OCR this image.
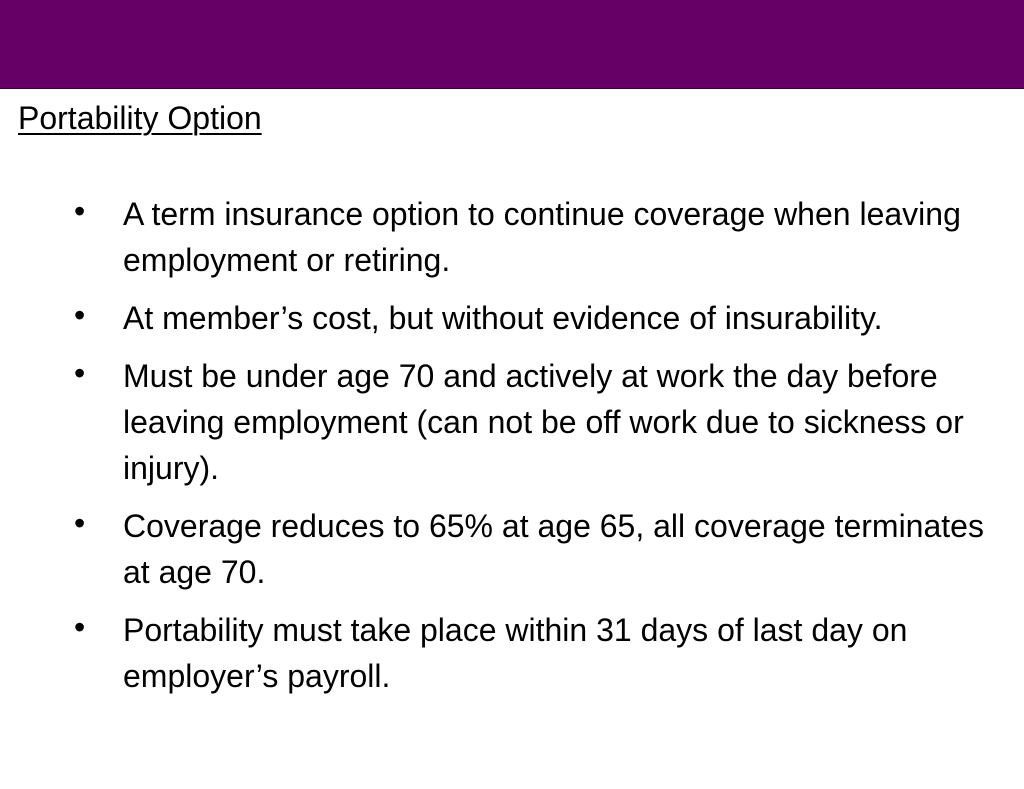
Portability Option
• A term insurance option to continue coverage when leaving employment or retiring.
• At member’s cost, but without evidence of insurability.
• Must be under age 70 and actively at work the day before leaving employment (can not be off work due to sickness or injury).
• Coverage reduces to 65% at age 65, all coverage terminates at age 70.
• Portability must take place within 31 days of last day on employer’s payroll.
